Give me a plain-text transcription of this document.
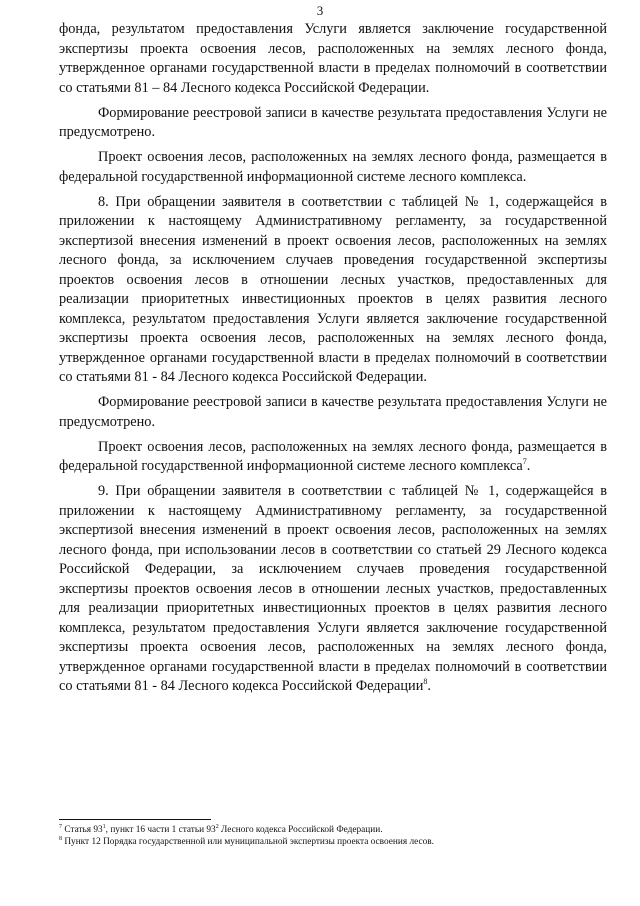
3

фонда, результатом предоставления Услуги является заключение государственной экспертизы проекта освоения лесов, расположенных на землях лесного фонда, утвержденное органами государственной власти в пределах полномочий в соответствии со статьями 81 – 84 Лесного кодекса Российской Федерации.

Формирование реестровой записи в качестве результата предоставления Услуги не предусмотрено.

Проект освоения лесов, расположенных на землях лесного фонда, размещается в федеральной государственной информационной системе лесного комплекса.

8. При обращении заявителя в соответствии с таблицей № 1, содержащейся в приложении к настоящему Административному регламенту, за государственной экспертизой внесения изменений в проект освоения лесов, расположенных на землях лесного фонда, за исключением случаев проведения государственной экспертизы проектов освоения лесов в отношении лесных участков, предоставленных для реализации приоритетных инвестиционных проектов в целях развития лесного комплекса, результатом предоставления Услуги является заключение государственной экспертизы проекта освоения лесов, расположенных на землях лесного фонда, утвержденное органами государственной власти в пределах полномочий в соответствии со статьями 81 - 84 Лесного кодекса Российской Федерации.

Формирование реестровой записи в качестве результата предоставления Услуги не предусмотрено.

Проект освоения лесов, расположенных на землях лесного фонда, размещается в федеральной государственной информационной системе лесного комплекса$^7$.

9. При обращении заявителя в соответствии с таблицей № 1, содержащейся в приложении к настоящему Административному регламенту, за государственной экспертизой внесения изменений в проект освоения лесов, расположенных на землях лесного фонда, при использовании лесов в соответствии со статьей 29 Лесного кодекса Российской Федерации, за исключением случаев проведения государственной экспертизы проектов освоения лесов в отношении лесных участков, предоставленных для реализации приоритетных инвестиционных проектов в целях развития лесного комплекса, результатом предоставления Услуги является заключение государственной экспертизы проекта освоения лесов, расположенных на землях лесного фонда, утвержденное органами государственной власти в пределах полномочий в соответствии со статьями 81 - 84 Лесного кодекса Российской Федерации$^8$.

$^7$ Статья $93^1$, пункт 16 части 1 статьи $93^2$ Лесного кодекса Российской Федерации.

$^8$ Пункт 12 Порядка государственной или муниципальной экспертизы проекта освоения лесов.
